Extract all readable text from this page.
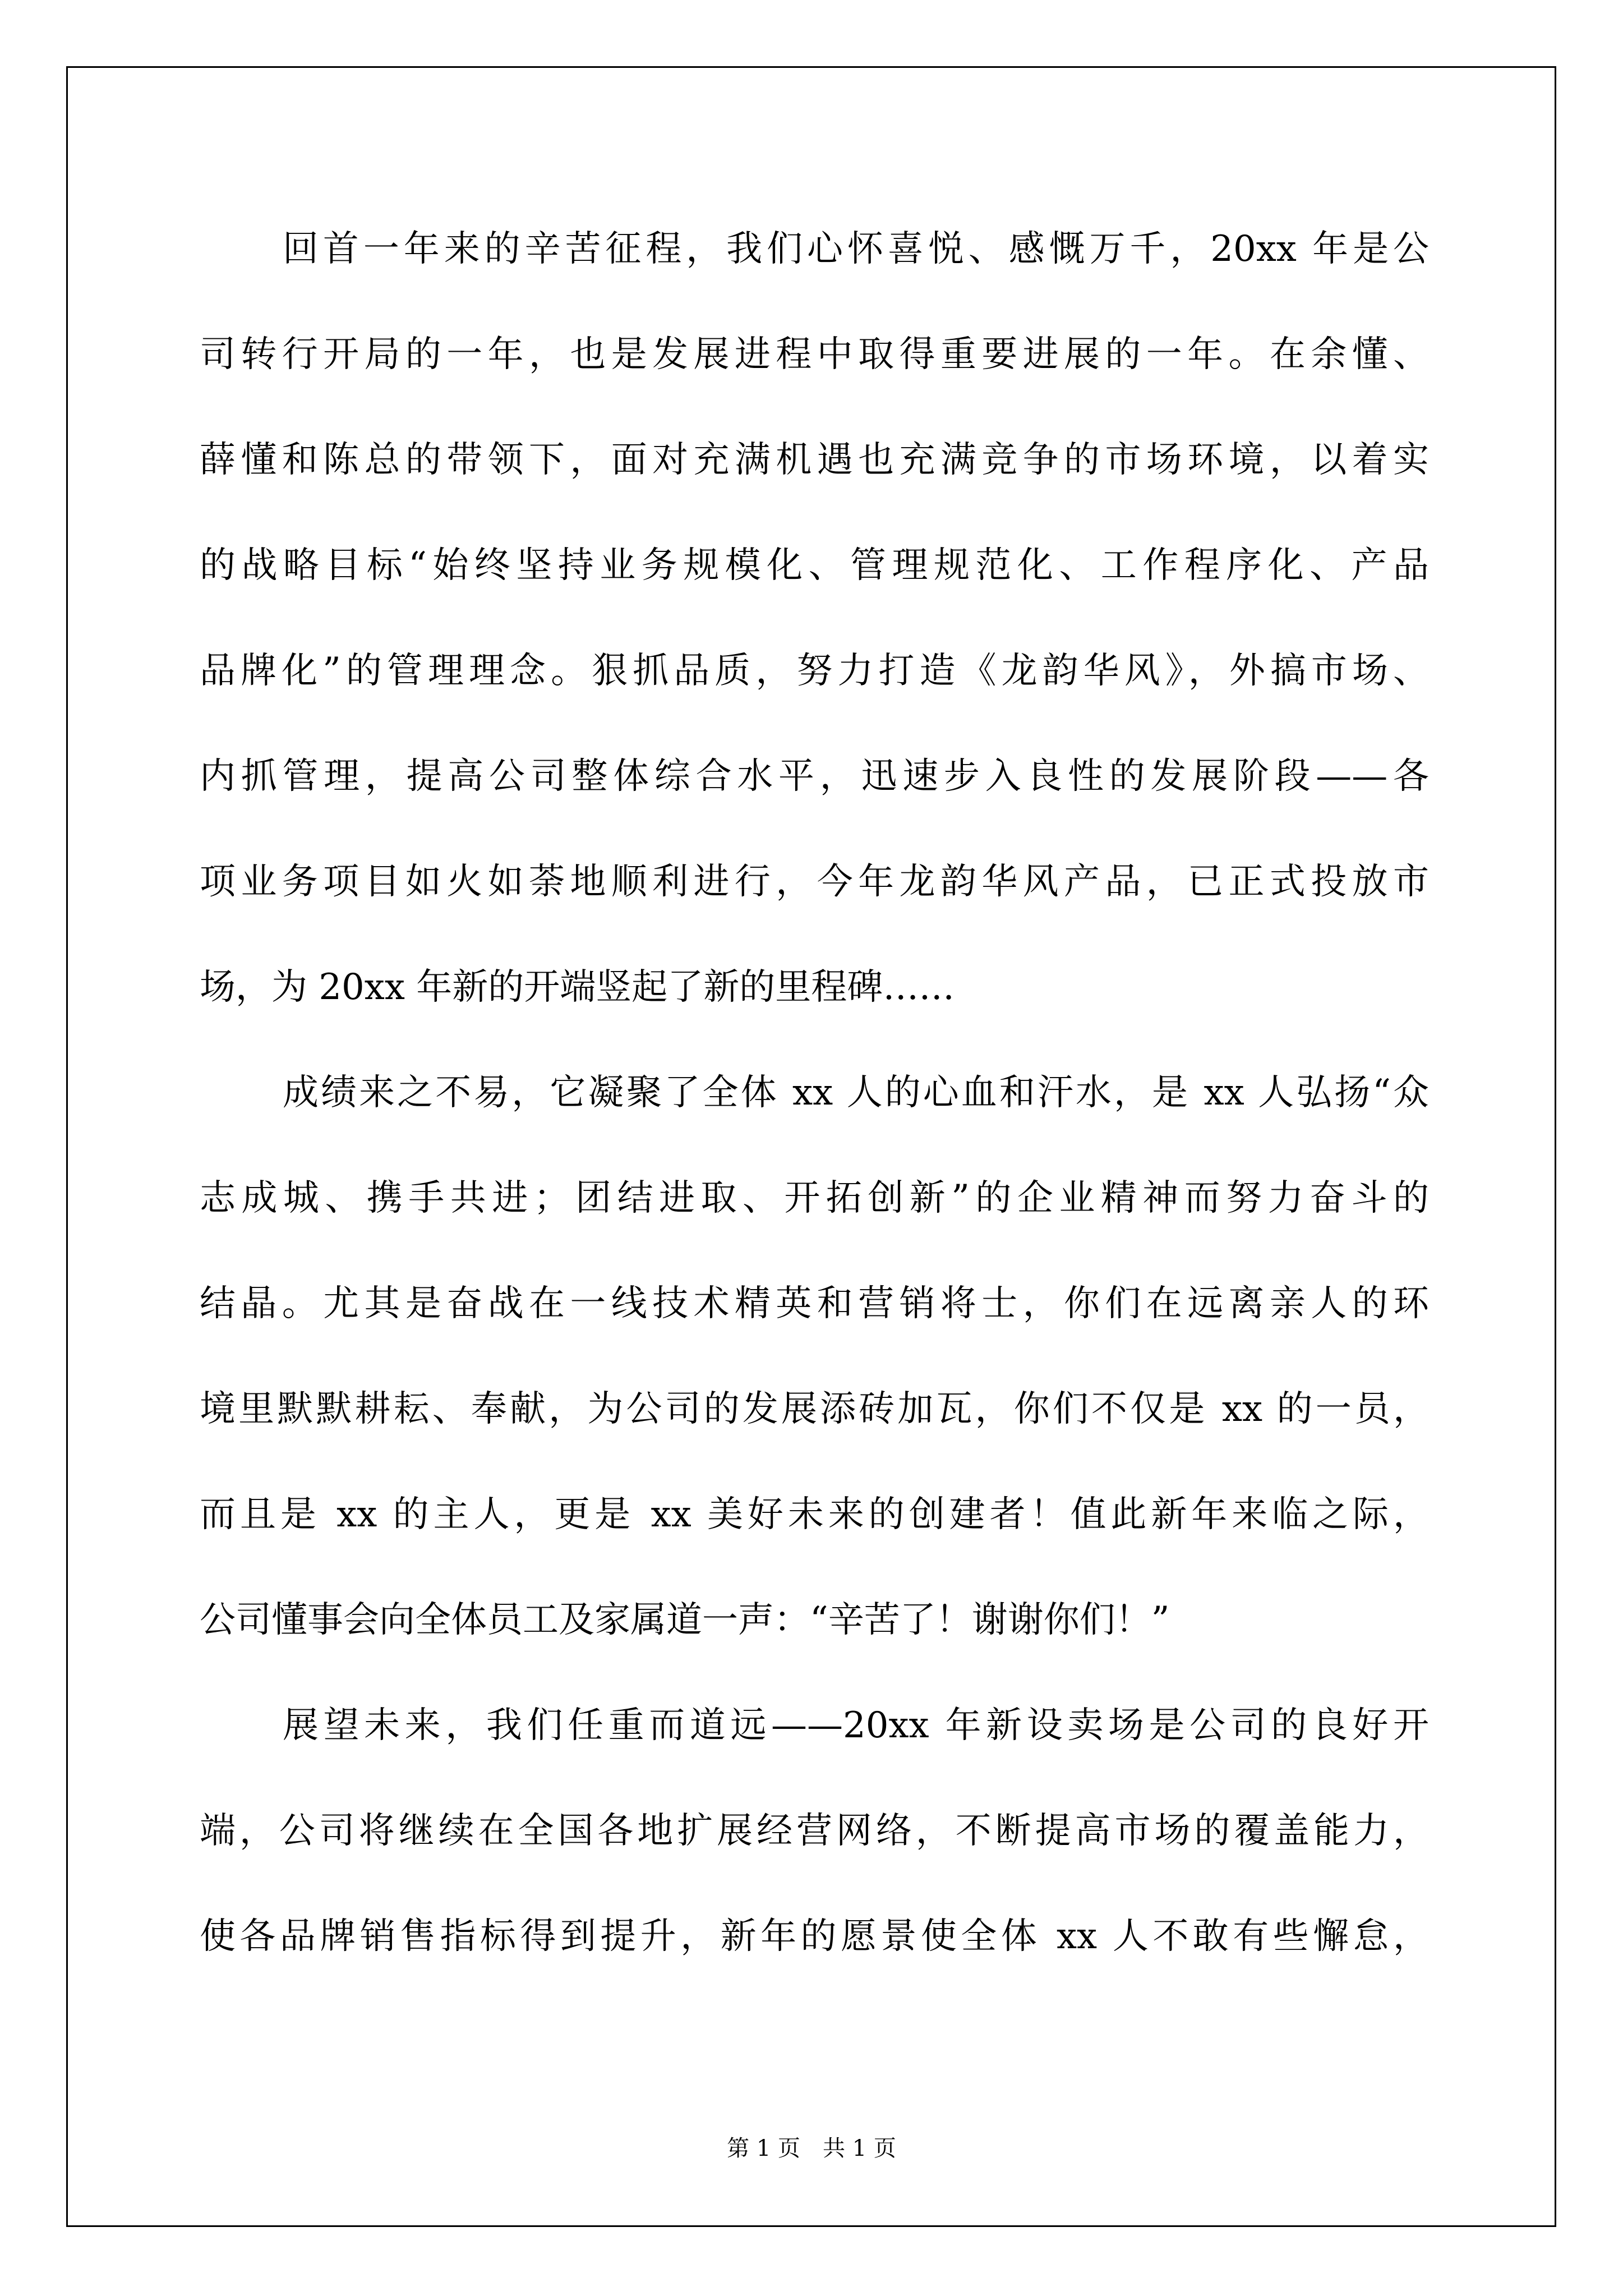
回首一年来的辛苦征程，我们心怀喜悦、感慨万千，20xx 年是公
司转行开局的一年，也是发展进程中取得重要进展的一年。在余懂、
薛懂和陈总的带领下，面对充满机遇也充满竞争的市场环境，以着实
的战略目标“始终坚持业务规模化、管理规范化、工作程序化、产品
品牌化”的管理理念。狠抓品质，努力打造《龙韵华风》，外搞市场、
内抓管理，提高公司整体综合水平，迅速步入良性的发展阶段——各
项业务项目如火如荼地顺利进行，今年龙韵华风产品，已正式投放市
场，为 20xx 年新的开端竖起了新的里程碑……
成绩来之不易，它凝聚了全体 xx 人的心血和汗水，是 xx 人弘扬“众
志成城、携手共进；团结进取、开拓创新”的企业精神而努力奋斗的
结晶。尤其是奋战在一线技术精英和营销将士，你们在远离亲人的环
境里默默耕耘、奉献，为公司的发展添砖加瓦，你们不仅是 xx 的一员，
而且是 xx 的主人，更是 xx 美好未来的创建者！值此新年来临之际，
公司懂事会向全体员工及家属道一声：“辛苦了！谢谢你们！”
展望未来，我们任重而道远——20xx 年新设卖场是公司的良好开
端，公司将继续在全国各地扩展经营网络，不断提高市场的覆盖能力，
使各品牌销售指标得到提升，新年的愿景使全体 xx 人不敢有些懈怠，
第 1 页　共 1 页
